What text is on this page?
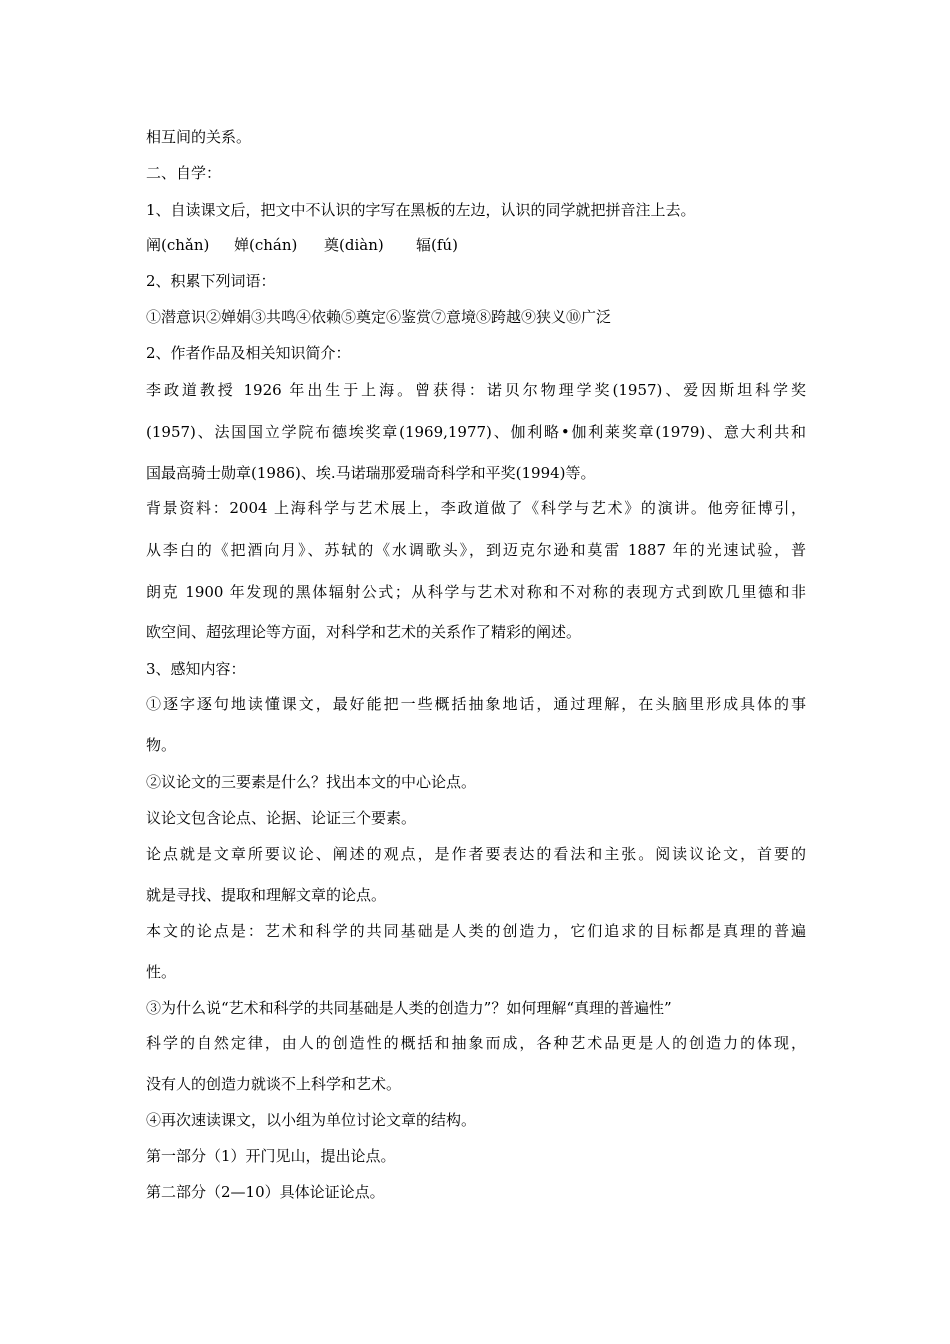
相互间的关系。
二、自学：
1、自读课文后，把文中不认识的字写在黑板的左边，认识的同学就把拼音注上去。
阐(chǎn) 婵(chán) 奠(diàn) 辐(fú)
2、积累下列词语：
①潜意识②婵娟③共鸣④依赖⑤奠定⑥鉴赏⑦意境⑧跨越⑨狭义⑩广泛
2、作者作品及相关知识简介：
李政道教授 1926 年出生于上海。曾获得：诺贝尔物理学奖(1957)、爱因斯坦科学奖
(1957)、法国国立学院布德埃奖章(1969,1977)、伽利略•伽利莱奖章(1979)、意大利共和
国最高骑士勋章(1986)、埃.马诺瑞那爱瑞奇科学和平奖(1994)等。
背景资料：2004 上海科学与艺术展上，李政道做了《科学与艺术》的演讲。他旁征博引，
从李白的《把酒向月》、苏轼的《水调歌头》，到迈克尔逊和莫雷 1887 年的光速试验，普
朗克 1900 年发现的黑体辐射公式；从科学与艺术对称和不对称的表现方式到欧几里德和非
欧空间、超弦理论等方面，对科学和艺术的关系作了精彩的阐述。
3、感知内容：
①逐字逐句地读懂课文，最好能把一些概括抽象地话，通过理解，在头脑里形成具体的事
物。
②议论文的三要素是什么？找出本文的中心论点。
议论文包含论点、论据、论证三个要素。
论点就是文章所要议论、阐述的观点，是作者要表达的看法和主张。阅读议论文，首要的
就是寻找、提取和理解文章的论点。
本文的论点是：艺术和科学的共同基础是人类的创造力，它们追求的目标都是真理的普遍
性。
③为什么说“艺术和科学的共同基础是人类的创造力”？如何理解“真理的普遍性”
科学的自然定律，由人的创造性的概括和抽象而成，各种艺术品更是人的创造力的体现，
没有人的创造力就谈不上科学和艺术。
④再次速读课文，以小组为单位讨论文章的结构。
第一部分（1）开门见山，提出论点。
第二部分（2—10）具体论证论点。
